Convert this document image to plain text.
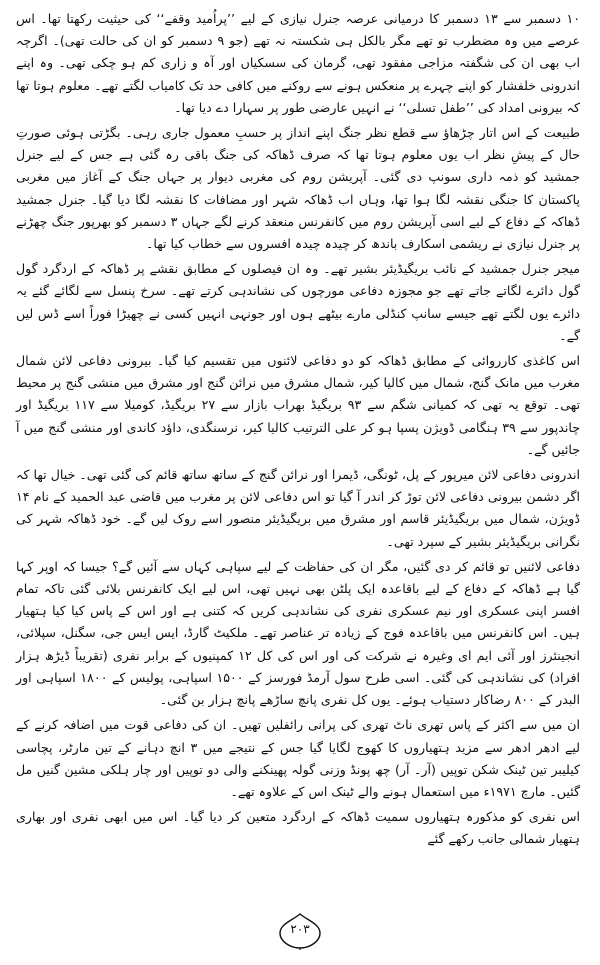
۱۰ دسمبر سے ۱۳ دسمبر کا درمیانی عرصہ جنرل نیازی کے لیے ’’پراُمید وقفے‘‘ کی حیثیت رکھتا تھا۔ اس عرصے میں وہ مضطرب تو تھے مگر بالکل ہی شکستہ نہ تھے (جو ۹ دسمبر کو ان کی حالت تھی)۔ اگرچہ اب بھی ان کی شگفتہ مزاجی مفقود تھی، گرمان کی سسکیاں اور آہ و زاری کم ہو چکی تھی۔ وہ اپنے اندرونی خلفشار کو اپنے چہرے پر منعکس ہونے سے روکنے میں کافی حد تک کامیاب لگتے تھے۔ معلوم ہوتا تھا کہ بیرونی امداد کی ’’طفل تسلی‘‘ نے انہیں عارضی طور پر سہارا دے دیا تھا۔

طبیعت کے اس اتار چڑھاؤ سے قطع نظر جنگ اپنے انداز پر حسبِ معمول جاری رہی۔ بگڑتی ہوئی صورتِ حال کے پیشِ نظر اب یوں معلوم ہوتا تھا کہ صرف ڈھاکہ کی جنگ باقی رہ گئی ہے جس کے لیے جنرل جمشید کو ذمہ داری سونپ دی گئی۔ آپریشن روم کی مغربی دیوار پر جہاں جنگ کے آغاز میں مغربی پاکستان کا جنگی نقشہ لگا ہوا تھا، وہاں اب ڈھاکہ شہر اور مضافات کا نقشہ لگا دیا گیا۔ جنرل جمشید ڈھاکہ کے دفاع کے لیے اسی آپریشن روم میں کانفرنس منعقد کرنے لگے جہاں ۳ دسمبر کو بھرپور جنگ چھڑنے پر جنرل نیازی نے ریشمی اسکارف باندھ کر چیدہ چیدہ افسروں سے خطاب کیا تھا۔

میجر جنرل جمشید کے نائب بریگیڈیئر بشیر تھے۔ وہ ان فیصلوں کے مطابق نقشے پر ڈھاکہ کے اردگرد گول گول دائرے لگاتے جاتے تھے جو مجوزہ دفاعی مورچوں کی نشاندہی کرتے تھے۔ سرخ پنسل سے لگائے گئے یہ دائرے یوں لگتے تھے جیسے سانپ کنڈلی مارے بیٹھے ہوں اور جونہی انہیں کسی نے چھیڑا فوراً اسے ڈس لیں گے۔

اس کاغذی کارروائی کے مطابق ڈھاکہ کو دو دفاعی لائنوں میں تقسیم کیا گیا۔ بیرونی دفاعی لائن شمال مغرب میں مانک گنج، شمال میں کالیا کیر، شمال مشرق میں نرائن گنج اور مشرق میں منشی گنج پر محیط تھی۔ توقع یہ تھی کہ کمیانی شگم سے ۹۳ بریگیڈ بھراب بازار سے ۲۷ بریگیڈ، کومیلا سے ۱۱۷ بریگیڈ اور چاندپور سے ۳۹ ہنگامی ڈویژن پسپا ہو کر علی الترتیب کالیا کیر، نرسنگدی، داؤد کاندی اور منشی گنج میں آ جائیں گے۔

اندرونی دفاعی لائن میرپور کے پل، ٹونگی، ڈیمرا اور نرائن گنج کے ساتھ ساتھ قائم کی گئی تھی۔ خیال تھا کہ اگر دشمن بیرونی دفاعی لائن توڑ کر اندر آ گیا تو اس دفاعی لائن پر مغرب میں قاضی عبد الحمید کے نام ۱۴ ڈویژن، شمال میں بریگیڈیئر قاسم اور مشرق میں بریگیڈیئر منصور اسے روک لیں گے۔ خود ڈھاکہ شہر کی نگرانی بریگیڈیئر بشیر کے سپرد تھی۔

دفاعی لائنیں تو قائم کر دی گئیں، مگر ان کی حفاظت کے لیے سپاہی کہاں سے آئیں گے؟ جیسا کہ اوپر کہا گیا ہے ڈھاکہ کے دفاع کے لیے باقاعدہ ایک پلٹن بھی نہیں تھی، اس لیے ایک کانفرنس بلائی گئی تاکہ تمام افسر اپنی عسکری اور نیم عسکری نفری کی نشاندہی کریں کہ کتنی ہے اور اس کے پاس کیا کیا ہتھیار ہیں۔ اس کانفرنس میں باقاعدہ فوج کے زیادہ تر عناصر تھے۔ ملکیٹ گارڈ، ایس ایس جی، سگنل، سپلائی، انجینئرز اور آئی ایم ای وغیرہ نے شرکت کی اور اس کی کل ۱۲ کمپنیوں کے برابر نفری (تقریباً ڈیڑھ ہزار افراد) کی نشاندہی کی گئی۔ اسی طرح سول آرمڈ فورسز کے ۱۵۰۰ اسپاہی، پولیس کے ۱۸۰۰ اسپاہی اور البدر کے ۸۰۰ رضاکار دستیاب ہوئے۔ یوں کل نفری پانچ ساڑھے پانچ ہزار بن گئی۔

ان میں سے اکثر کے پاس تھری ناٹ تھری کی پرانی رائفلیں تھیں۔ ان کی دفاعی قوت میں اضافہ کرنے کے لیے ادھر ادھر سے مزید ہتھیاروں کا کھوج لگایا گیا جس کے نتیجے میں ۳ انچ دہانے کے تین مارٹر، پچاسی کیلیبر تین ٹینک شکن توپیں (آر۔ آر) چھ پونڈ وزنی گولہ پھینکنے والی دو توپیں اور چار ہلکی مشین گنیں مل گئیں۔ مارچ ۱۹۷۱ء میں استعمال ہونے والے ٹینک اس کے علاوہ تھے۔

اس نفری کو مذکورہ ہتھیاروں سمیت ڈھاکہ کے اردگرد متعین کر دیا گیا۔ اس میں ابھی نفری اور بھاری ہتھیار شمالی جانب رکھے گئے

۲۰۳
